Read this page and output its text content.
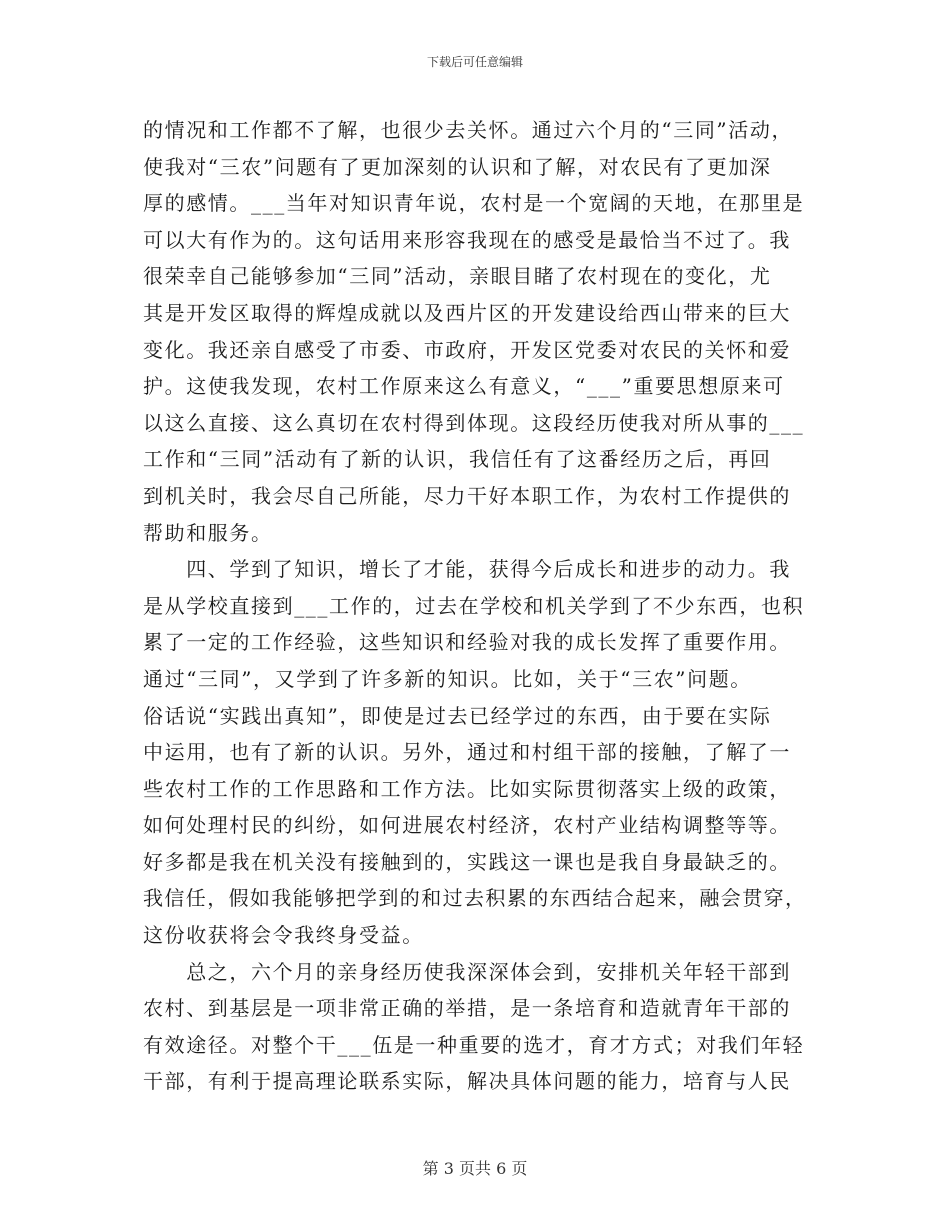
下载后可任意编辑
的情况和工作都不了解，也很少去关怀。通过六个月的“三同”活动，
使我对“三农”问题有了更加深刻的认识和了解，对农民有了更加深
厚的感情。___当年对知识青年说，农村是一个宽阔的天地，在那里是
可以大有作为的。这句话用来形容我现在的感受是最恰当不过了。我
很荣幸自己能够参加“三同”活动，亲眼目睹了农村现在的变化，尤
其是开发区取得的辉煌成就以及西片区的开发建设给西山带来的巨大
变化。我还亲自感受了市委、市政府，开发区党委对农民的关怀和爱
护。这使我发现，农村工作原来这么有意义，“___”重要思想原来可
以这么直接、这么真切在农村得到体现。这段经历使我对所从事的___
工作和“三同”活动有了新的认识，我信任有了这番经历之后，再回
到机关时，我会尽自己所能，尽力干好本职工作，为农村工作提供的
帮助和服务。
　　四、学到了知识，增长了才能，获得今后成长和进步的动力。我
是从学校直接到___工作的，过去在学校和机关学到了不少东西，也积
累了一定的工作经验，这些知识和经验对我的成长发挥了重要作用。
通过“三同”，又学到了许多新的知识。比如，关于“三农”问题。
俗话说“实践出真知”，即使是过去已经学过的东西，由于要在实际
中运用，也有了新的认识。另外，通过和村组干部的接触，了解了一
些农村工作的工作思路和工作方法。比如实际贯彻落实上级的政策，
如何处理村民的纠纷，如何进展农村经济，农村产业结构调整等等。
好多都是我在机关没有接触到的，实践这一课也是我自身最缺乏的。
我信任，假如我能够把学到的和过去积累的东西结合起来，融会贯穿，
这份收获将会令我终身受益。
　　总之，六个月的亲身经历使我深深体会到，安排机关年轻干部到
农村、到基层是一项非常正确的举措，是一条培育和造就青年干部的
有效途径。对整个干___伍是一种重要的选才，育才方式；对我们年轻
干部，有利于提高理论联系实际，解决具体问题的能力，培育与人民
第 3 页共 6 页
